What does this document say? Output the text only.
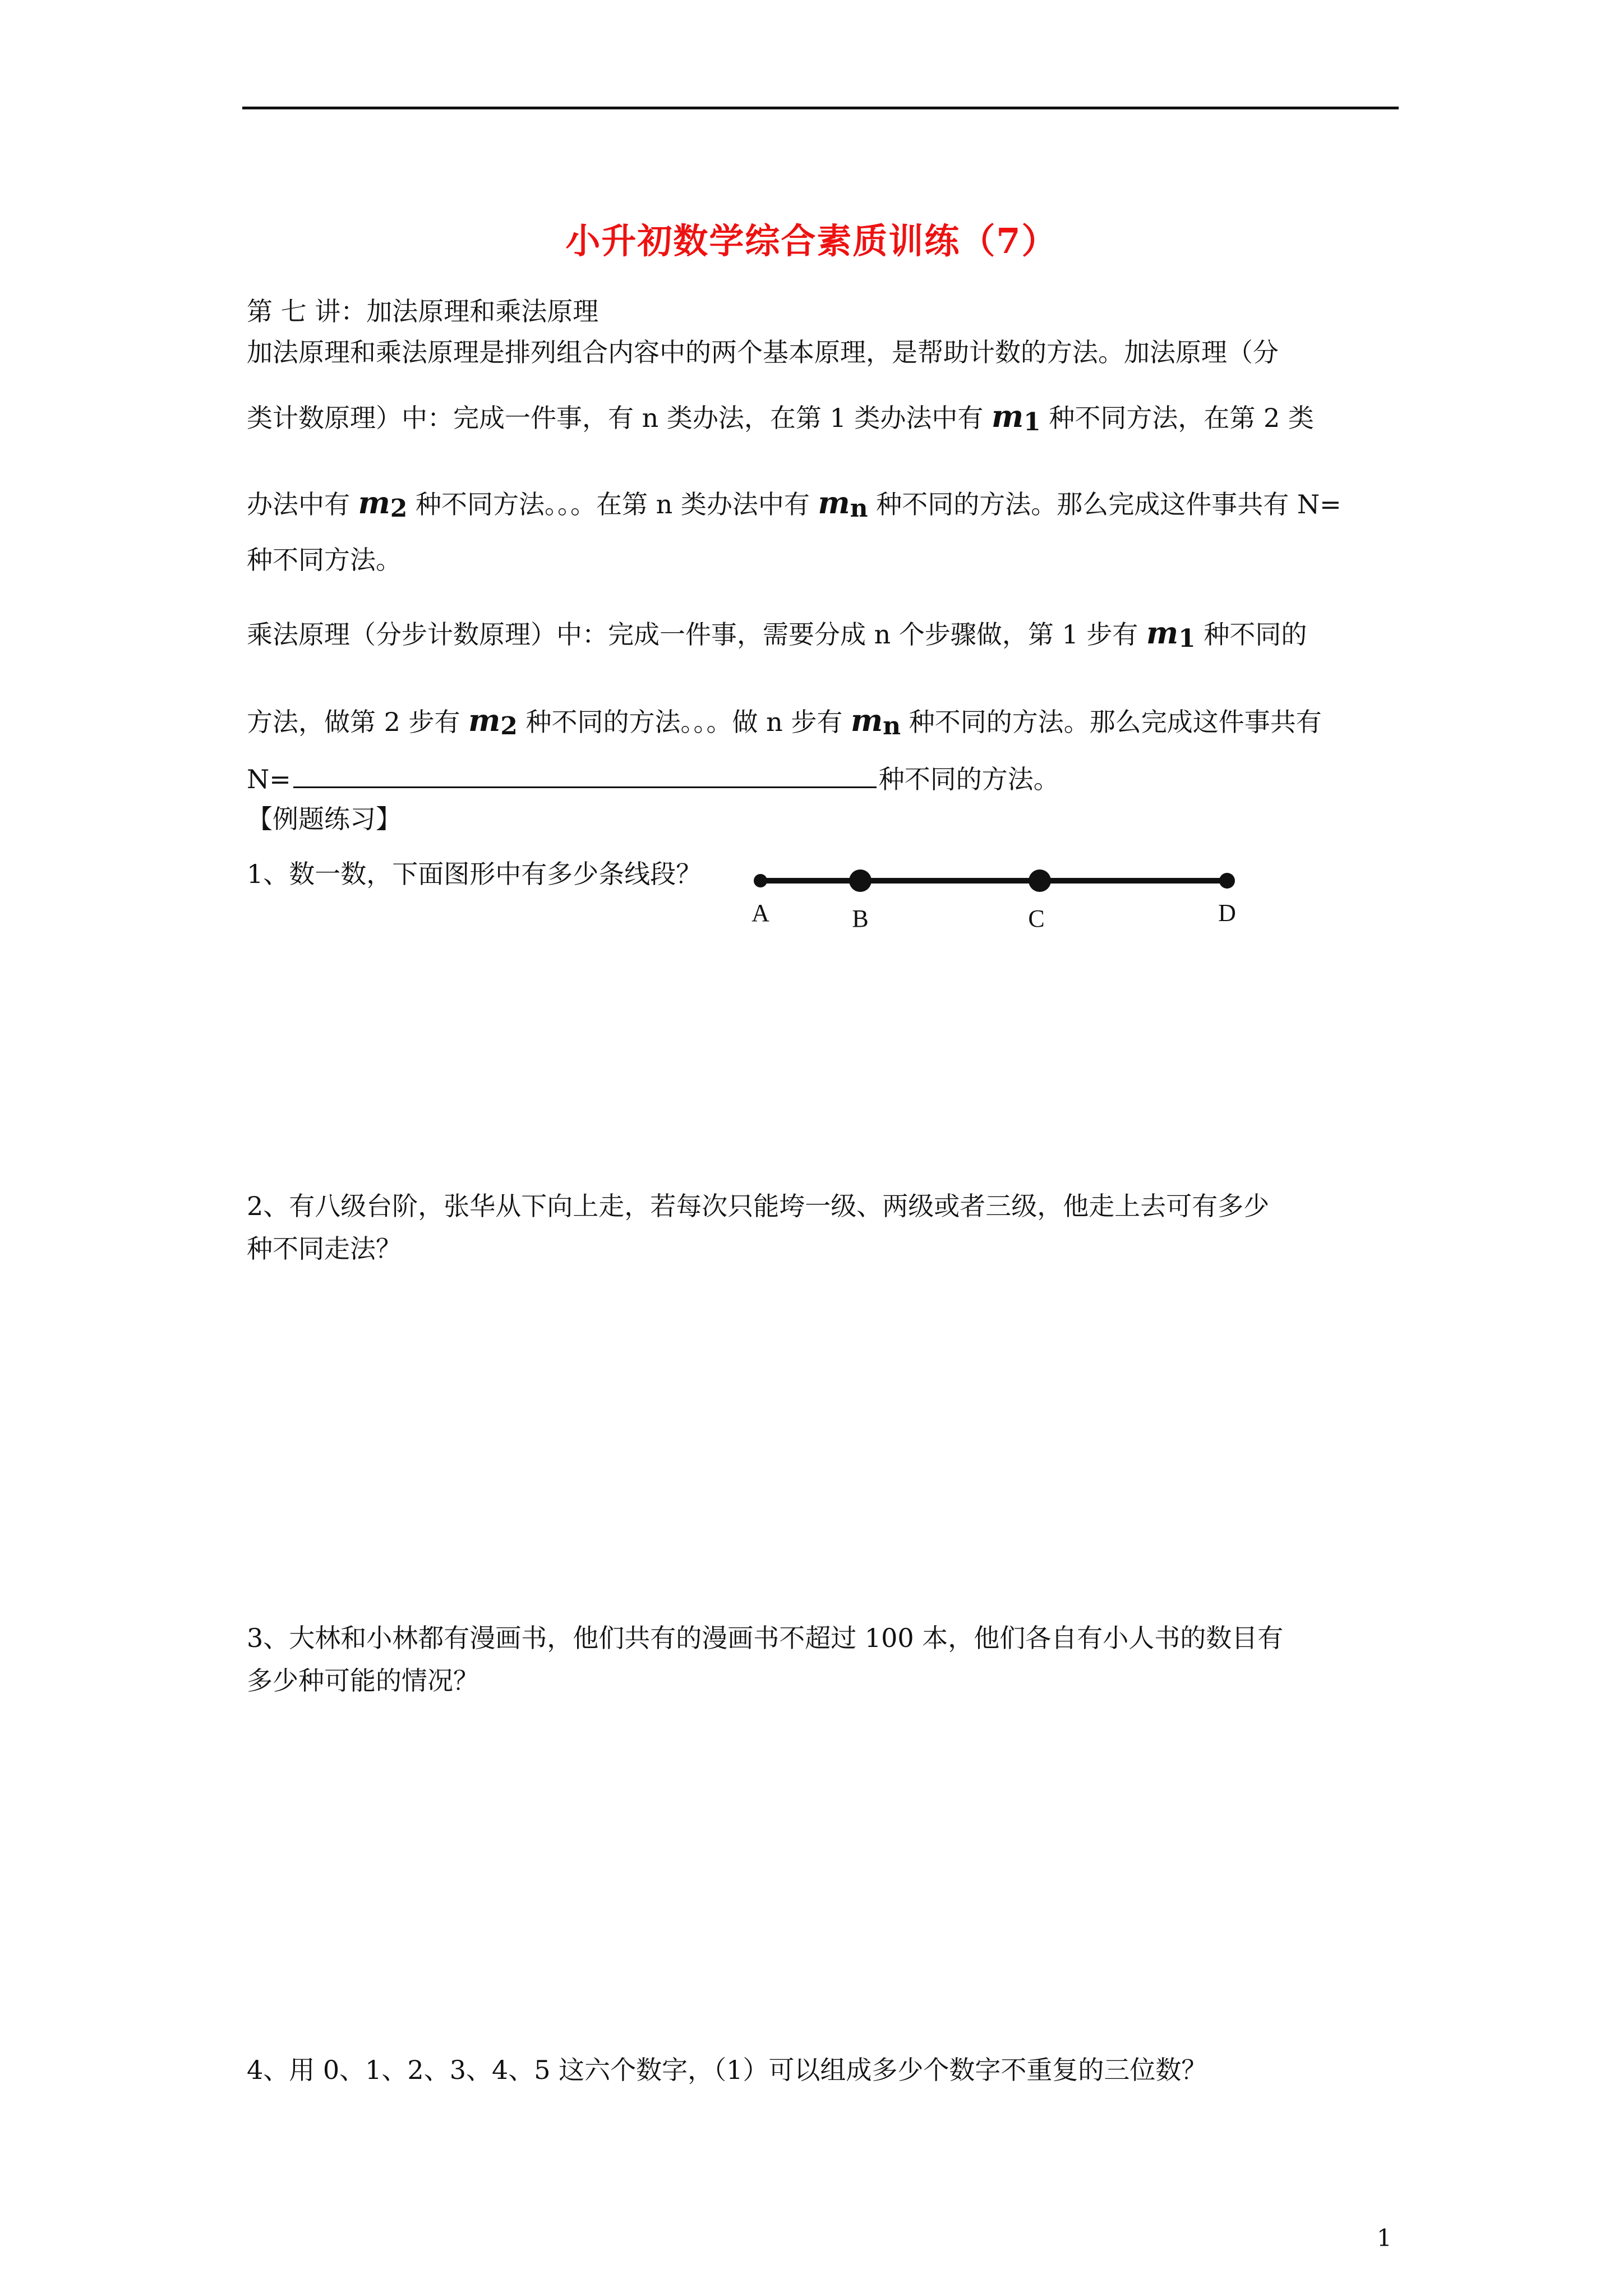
小升初数学综合素质训练（7）
第 七 讲：加法原理和乘法原理
加法原理和乘法原理是排列组合内容中的两个基本原理，是帮助计数的方法。加法原理（分
类计数原理）中：完成一件事，有 n 类办法，在第 1 类办法中有 m1 种不同方法，在第 2 类
办法中有 m2 种不同方法。。。在第 n 类办法中有 mn 种不同的方法。那么完成这件事共有 N=
种不同方法。
乘法原理（分步计数原理）中：完成一件事，需要分成 n 个步骤做，第 1 步有 m1 种不同的
方法，做第 2 步有 m2 种不同的方法。。。做 n 步有 mn 种不同的方法。那么完成这件事共有
N=	种不同的方法。
【例题练习】
1、数一数，下面图形中有多少条线段？
A	B	C	D
2、有八级台阶，张华从下向上走，若每次只能垮一级、两级或者三级，他走上去可有多少
种不同走法？
3、大林和小林都有漫画书，他们共有的漫画书不超过 100 本，他们各自有小人书的数目有
多少种可能的情况？
4、用 0、1、2、3、4、5 这六个数字，（1）可以组成多少个数字不重复的三位数？
1
